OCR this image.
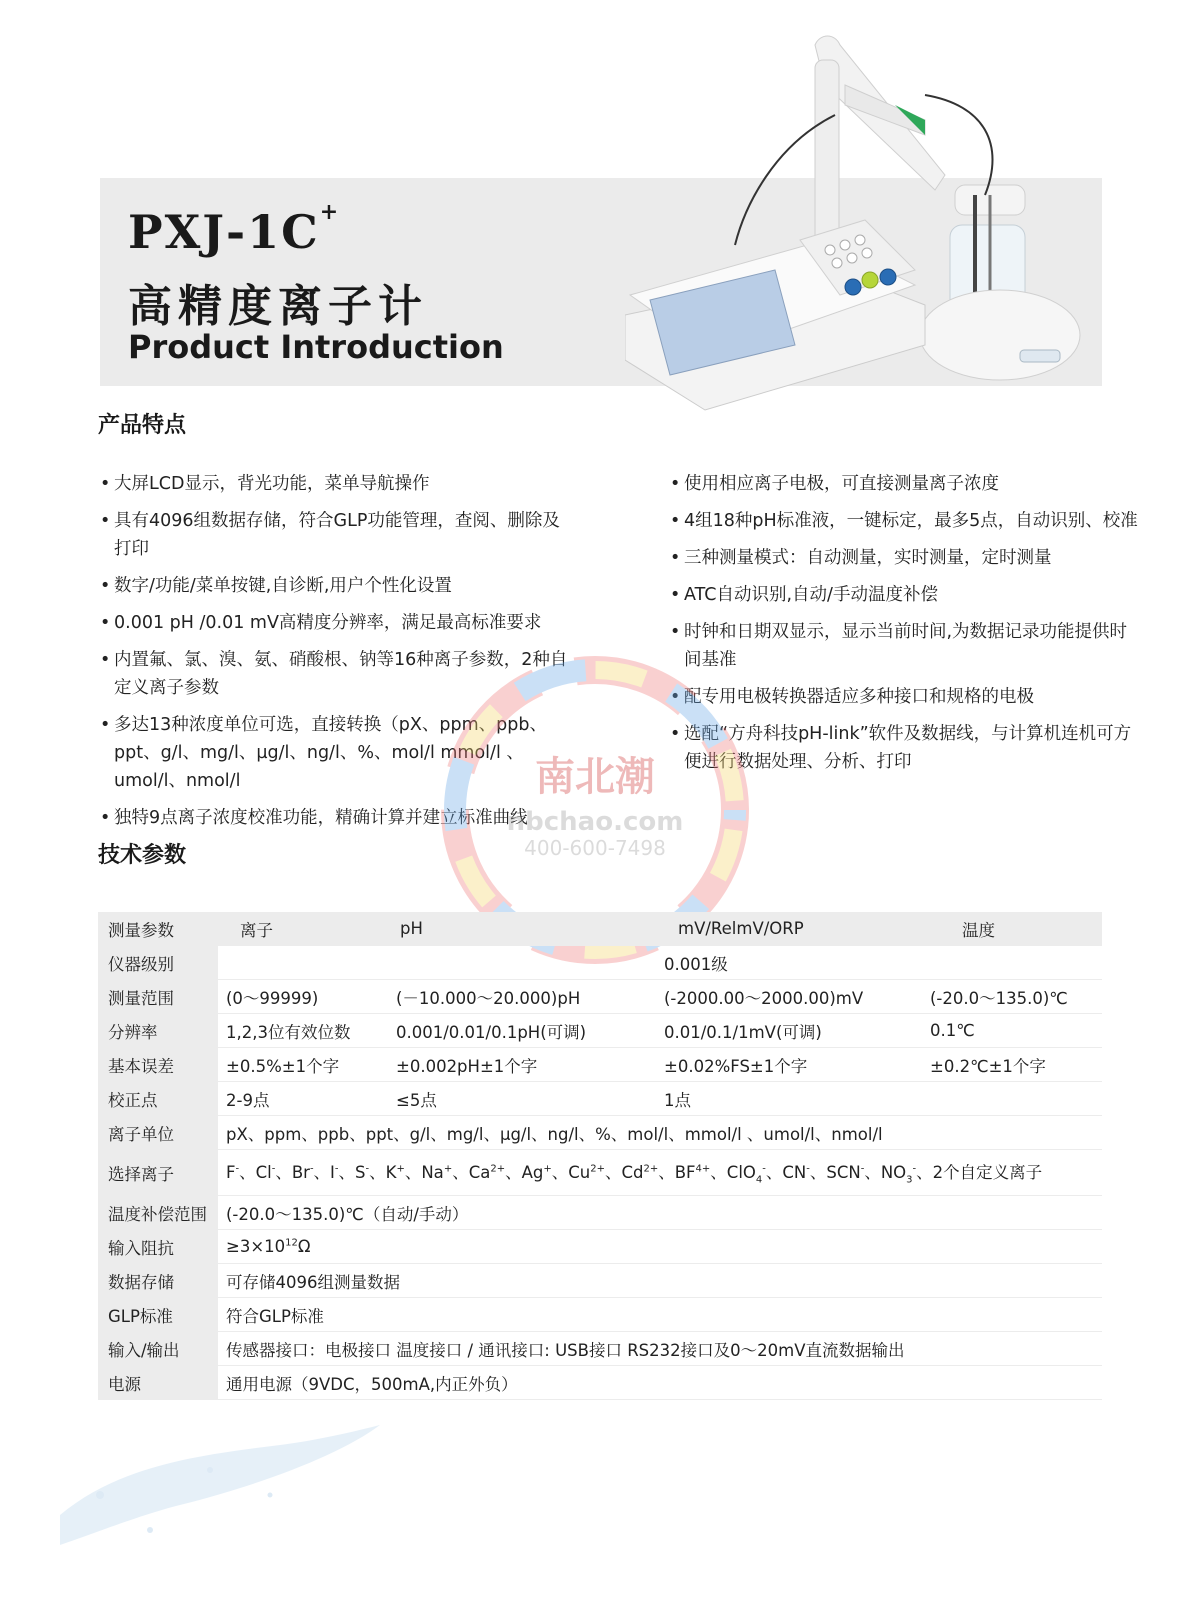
PXJ-1C+
高精度离子计
Product Introduction
产品特点
• 大屏LCD显示，背光功能，菜单导航操作
• 具有4096组数据存储，符合GLP功能管理，查阅、删除及打印
• 数字/功能/菜单按键,自诊断,用户个性化设置
• 0.001 pH /0.01 mV高精度分辨率，满足最高标准要求
• 内置氟、氯、溴、氨、硝酸根、钠等16种离子参数，2种自定义离子参数
• 多达13种浓度单位可选，直接转换（pX、ppm、ppb、ppt、g/l、mg/l、µg/l、ng/l、%、mol/l mmol/l 、umol/l、nmol/l
• 独特9点离子浓度校准功能，精确计算并建立标准曲线
• 使用相应离子电极，可直接测量离子浓度
• 4组18种pH标准液，一键标定，最多5点，自动识别、校准
• 三种测量模式：自动测量，实时测量，定时测量
• ATC自动识别,自动/手动温度补偿
• 时钟和日期双显示，显示当前时间,为数据记录功能提供时间基准
• 配专用电极转换器适应多种接口和规格的电极
• 选配“方舟科技pH-link”软件及数据线，与计算机连机可方便进行数据处理、分析、打印
南北潮
nbchao.com
400-600-7498
技术参数
测量参数	离子	pH	mV/RelmV/ORP	温度
仪器级别			0.001级	
测量范围	(0～99999)	(－10.000～20.000)pH	(-2000.00～2000.00)mV	(-20.0～135.0)℃
分辨率	1,2,3位有效位数	0.001/0.01/0.1pH(可调)	0.01/0.1/1mV(可调)	0.1℃
基本误差	±0.5%±1个字	±0.002pH±1个字	±0.02%FS±1个字	±0.2℃±1个字
校正点	2-9点	≤5点	1点	
离子单位	pX、ppm、ppb、ppt、g/l、mg/l、µg/l、ng/l、%、mol/l、mmol/l 、umol/l、nmol/l			
选择离子	F-、Cl-、Br-、I-、S-、K+、Na+、$Ca^{2+}$、Ag+、$Cu^{2+}$、$Cd^{2+}$、$BF^{4+}$、ClO$_4$-、CN-、SCN-、$NO_3^-$、2个自定义离子			
温度补偿范围	(-20.0～135.0)℃（自动/手动）			
输入阻抗	$\ge 3\times 10^{12}\Omega$			
数据存储	可存储4096组测量数据			
GLP标准	符合GLP标准			
输入/输出	传感器接口：电极接口 温度接口 / 通讯接口: USB接口 RS232接口及0～20mV直流数据输出			
电源	通用电源（9VDC，500mA,内正外负）			
